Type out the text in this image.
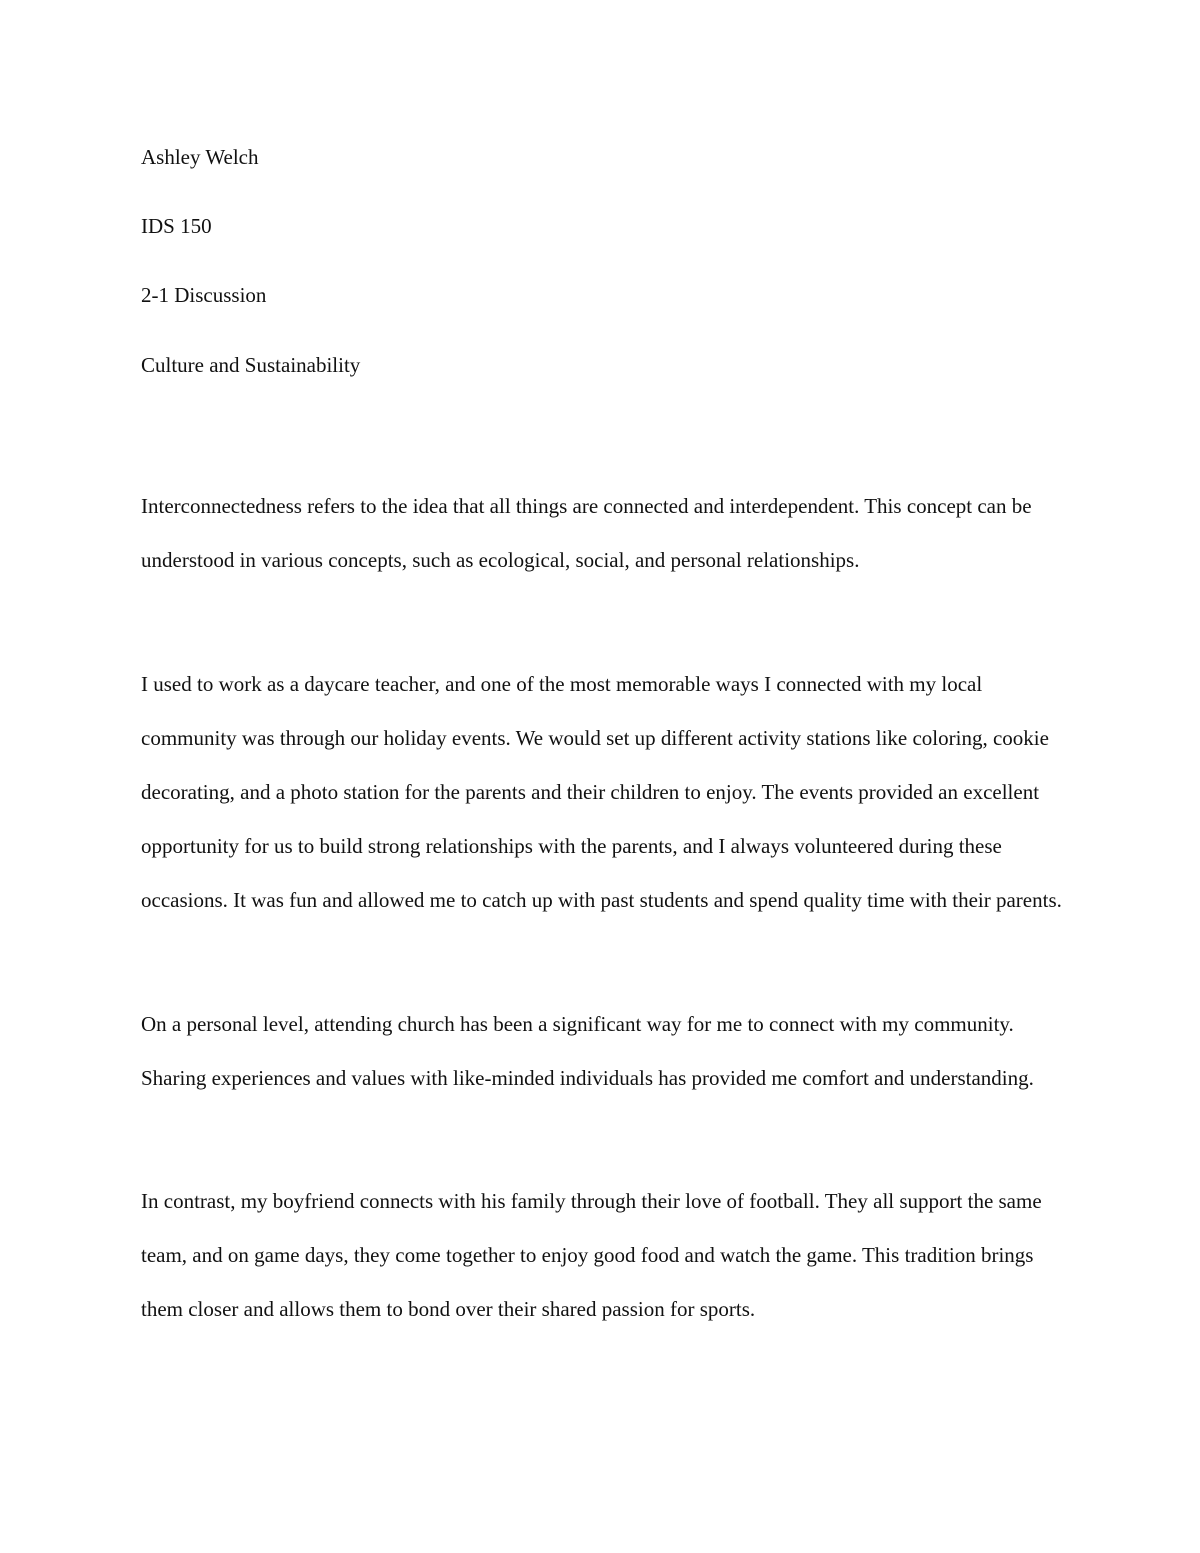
Ashley Welch

IDS 150

2-1 Discussion

Culture and Sustainability

Interconnectedness refers to the idea that all things are connected and interdependent. This concept can be understood in various concepts, such as ecological, social, and personal relationships.

I used to work as a daycare teacher, and one of the most memorable ways I connected with my local community was through our holiday events. We would set up different activity stations like coloring, cookie decorating, and a photo station for the parents and their children to enjoy. The events provided an excellent opportunity for us to build strong relationships with the parents, and I always volunteered during these occasions. It was fun and allowed me to catch up with past students and spend quality time with their parents.

On a personal level, attending church has been a significant way for me to connect with my community. Sharing experiences and values with like-minded individuals has provided me comfort and understanding.

In contrast, my boyfriend connects with his family through their love of football. They all support the same team, and on game days, they come together to enjoy good food and watch the game. This tradition brings them closer and allows them to bond over their shared passion for sports.
